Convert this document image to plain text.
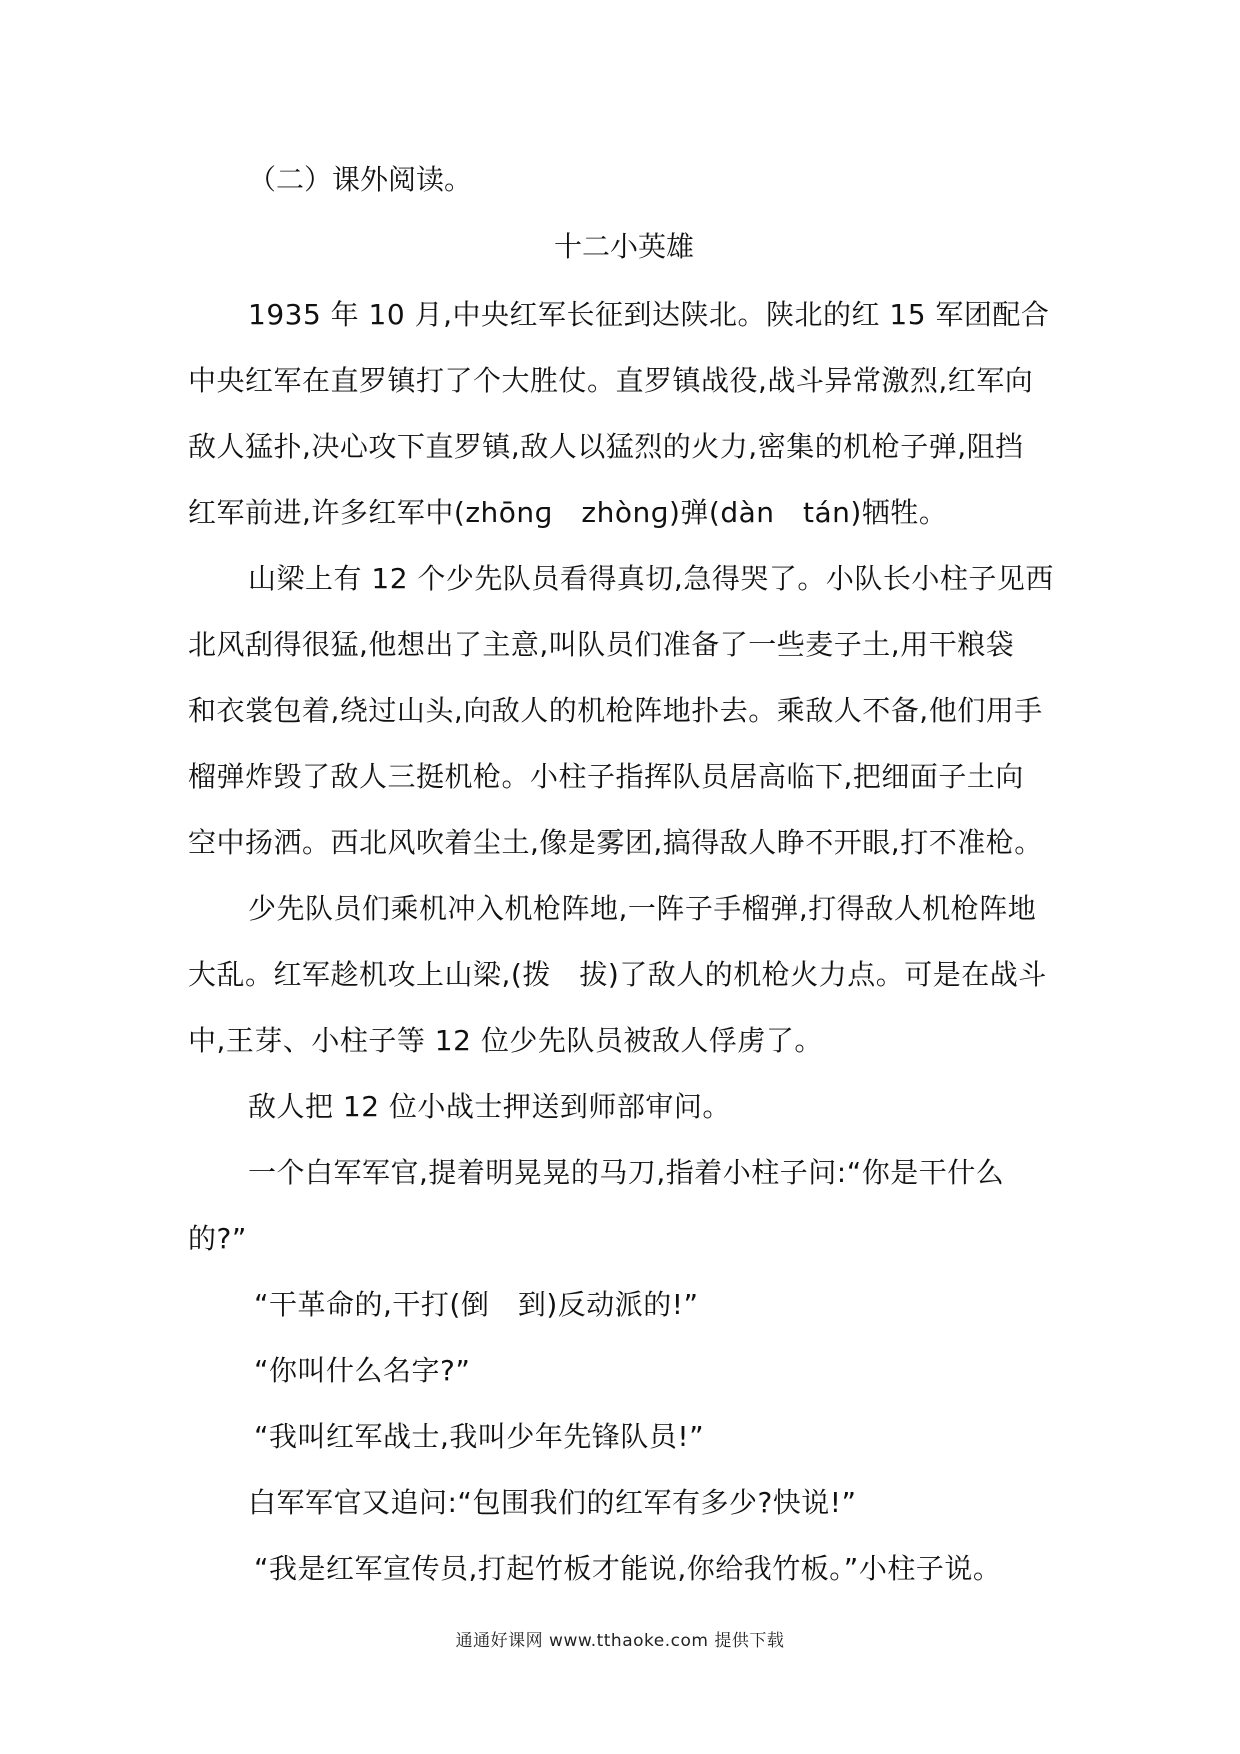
（二）课外阅读。
十二小英雄
1935 年 10 月,中央红军长征到达陕北。陕北的红 15 军团配合
中央红军在直罗镇打了个大胜仗。直罗镇战役,战斗异常激烈,红军向
敌人猛扑,决心攻下直罗镇,敌人以猛烈的火力,密集的机枪子弹,阻挡
红军前进,许多红军中(zhōnɡ　zhònɡ)弹(dàn　tán)牺牲。
山梁上有 12 个少先队员看得真切,急得哭了。小队长小柱子见西
北风刮得很猛,他想出了主意,叫队员们准备了一些麦子土,用干粮袋
和衣裳包着,绕过山头,向敌人的机枪阵地扑去。乘敌人不备,他们用手
榴弹炸毁了敌人三挺机枪。小柱子指挥队员居高临下,把细面子土向
空中扬洒。西北风吹着尘土,像是雾团,搞得敌人睁不开眼,打不准枪。
少先队员们乘机冲入机枪阵地,一阵子手榴弹,打得敌人机枪阵地
大乱。红军趁机攻上山梁,(拨　拔)了敌人的机枪火力点。可是在战斗
中,王芽、小柱子等 12 位少先队员被敌人俘虏了。
敌人把 12 位小战士押送到师部审问。
一个白军军官,提着明晃晃的马刀,指着小柱子问:“你是干什么
的?”
“干革命的,干打(倒　到)反动派的!”
“你叫什么名字?”
“我叫红军战士,我叫少年先锋队员!”
白军军官又追问:“包围我们的红军有多少?快说!”
“我是红军宣传员,打起竹板才能说,你给我竹板。”小柱子说。
通通好课网 www.tthaoke.com 提供下载
